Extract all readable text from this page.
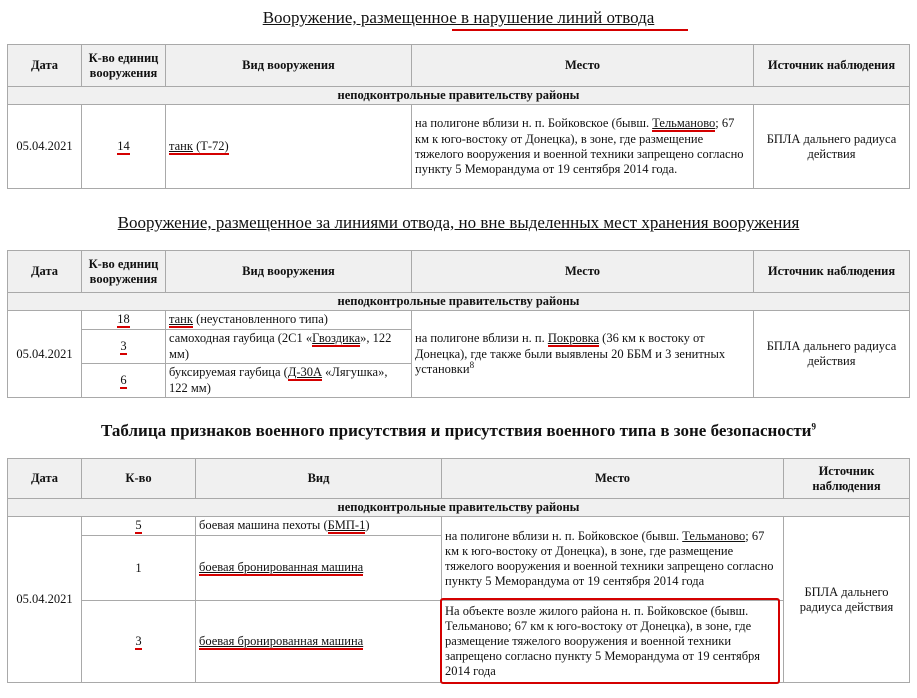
Вооружение, размещенное в нарушение линий отвода
Дата	К-во единиц вооружения	Вид вооружения	Место	Источник наблюдения
неподконтрольные правительству районы				
05.04.2021	14	танк (Т-72)	на полигоне вблизи н. п. Бойковское (бывш. Тельманово; 67 км к юго-востоку от Донецка), в зоне, где размещение тяжелого вооружения и военной техники запрещено согласно пункту 5 Меморандума от 19 сентября 2014 года.	БПЛА дальнего радиуса действия
Вооружение, размещенное за линиями отвода, но вне выделенных мест хранения вооружения
Дата	К-во единиц вооружения	Вид вооружения	Место	Источник наблюдения
неподконтрольные правительству районы				
05.04.2021	18	танк (неустановленного типа)	на полигоне вблизи н. п. Покровка (36 км к востоку от Донецка), где также были выявлены 20 ББМ и 3 зенитных установки$^8$	БПЛА дальнего радиуса действия
	3	самоходная гаубица (2С1 «Гвоздика», 122 мм)		
	6	буксируемая гаубица (Д-30А «Лягушка», 122 мм)		
Таблица признаков военного присутствия и присутствия военного типа в зоне безопасности$^9$
Дата	К-во	Вид	Место	Источник наблюдения
неподконтрольные правительству районы				
05.04.2021	5	боевая машина пехоты (БМП-1)	на полигоне вблизи н. п. Бойковское (бывш. Тельманово; 67 км к юго-востоку от Донецка), в зоне, где размещение тяжелого вооружения и военной техники запрещено согласно пункту 5 Меморандума от 19 сентября 2014 года	БПЛА дальнего радиуса действия
	1	боевая бронированная машина		
	3	боевая бронированная машина	На объекте возле жилого района н. п. Бойковское (бывш. Тельманово; 67 км к юго-востоку от Донецка), в зоне, где размещение тяжелого вооружения и военной техники запрещено согласно пункту 5 Меморандума от 19 сентября 2014 года	
